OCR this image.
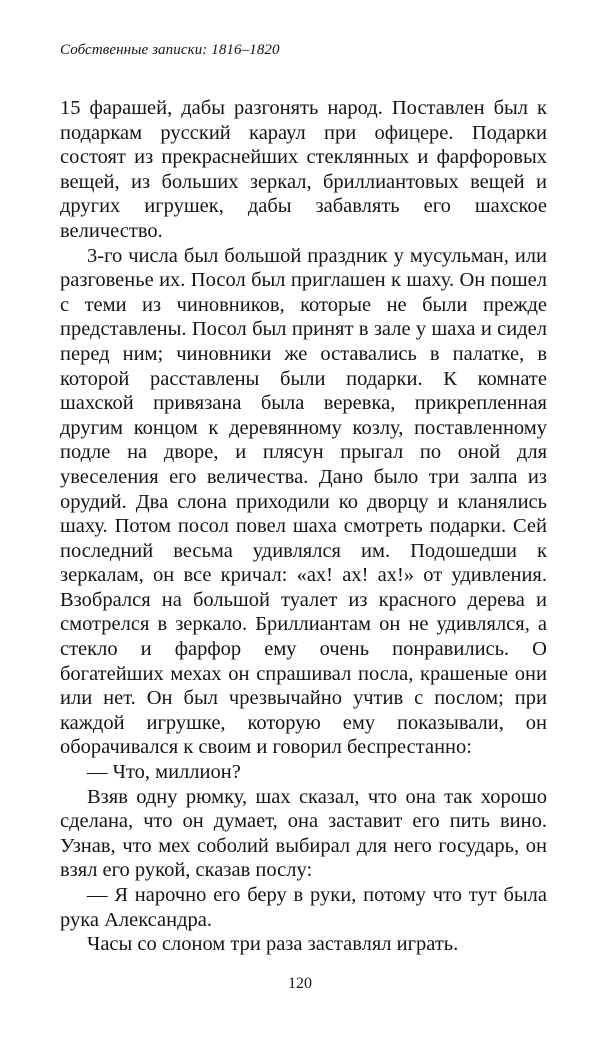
Собственные записки: 1816–1820

15 фарашей, дабы разгонять народ. Поставлен был к подаркам русский караул при офицере. Подарки состоят из прекраснейших стеклянных и фарфоровых вещей, из больших зеркал, бриллиантовых вещей и других игрушек, дабы забавлять его шахское величество.

3-го числа был большой праздник у мусульман, или разговенье их. Посол был приглашен к шаху. Он пошел с теми из чиновников, которые не были прежде представлены. Посол был принят в зале у шаха и сидел перед ним; чиновники же оставались в палатке, в которой расставлены были подарки. К комнате шахской привязана была веревка, прикрепленная другим концом к деревянному козлу, поставленному подле на дворе, и плясун прыгал по оной для увеселения его величества. Дано было три залпа из орудий. Два слона приходили ко дворцу и кланялись шаху. Потом посол повел шаха смотреть подарки. Сей последний весьма удивлялся им. Подошедши к зеркалам, он все кричал: «ах! ах! ах!» от удивления. Взобрался на большой туалет из красного дерева и смотрелся в зеркало. Бриллиантам он не удивлялся, а стекло и фарфор ему очень понравились. О богатейших мехах он спрашивал посла, крашеные они или нет. Он был чрезвычайно учтив с послом; при каждой игрушке, которую ему показывали, он оборачивался к своим и говорил беспрестанно:

— Что, миллион?

Взяв одну рюмку, шах сказал, что она так хорошо сделана, что он думает, она заставит его пить вино. Узнав, что мех соболий выбирал для него государь, он взял его рукой, сказав послу:

— Я нарочно его беру в руки, потому что тут была рука Александра.

Часы со слоном три раза заставлял играть.

120
